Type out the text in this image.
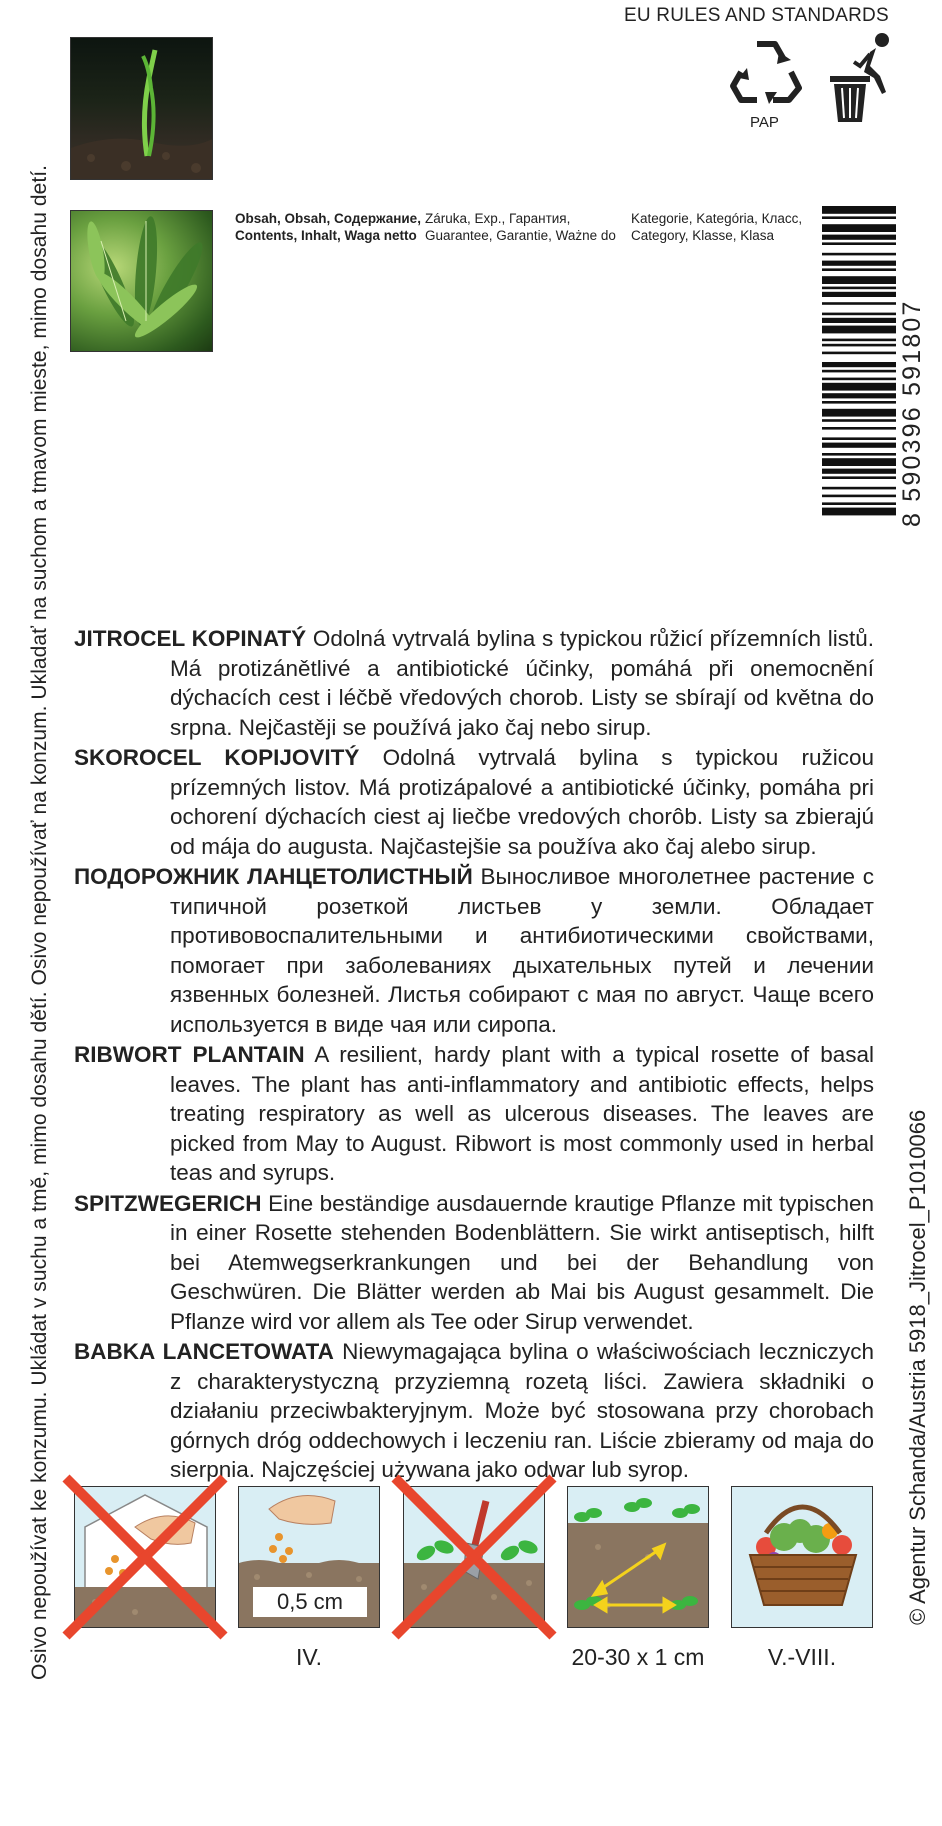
Osivo nepoužívat ke konzumu. Ukládat v suchu a tmě, mimo dosahu dětí. Osivo nepoužívať na konzum. Ukladať na suchom a tmavom mieste, mimo dosahu detí.	© Agentur Schanda/Austria 5918_Jitrocel_P1010066
EU RULES AND STANDARDS
PAP
Obsah, Obsah, Содержание,
Contents, Inhalt, Waga netto
Záruka, Exp., Гарантия,
Guarantee, Garantie, Ważne do
Kategorie, Kategória, Класс,
Category, Klasse, Klasa
8 590396 591807

JITROCEL KOPINATÝ Odolná vytrvalá bylina s typickou růžicí přízemních listů. Má protizánětlivé a antibiotické účinky, pomáhá při onemocnění dýchacích cest i léčbě vředových chorob. Listy se sbírají od května do srpna. Nejčastěji se používá jako čaj nebo sirup.

SKOROCEL KOPIJOVITÝ Odolná vytrvalá bylina s typickou ružicou prízemných listov. Má protizápalové a antibiotické účinky, pomáha pri ochorení dýchacích ciest aj liečbe vredových chorôb. Listy sa zbierajú od mája do augusta. Najčastejšie sa používa ako čaj alebo sirup.

ПОДОРОЖНИК ЛАНЦЕТОЛИСТНЫЙ Выносливое многолетнее растение с типичной розеткой листьев у земли. Обладает противовоспалительными и антибиотическими свойствами, помогает при заболеваниях дыхательных путей и лечении язвенных болезней. Листья собирают с мая по август. Чаще всего используется в виде чая или сиропа.

RIBWORT PLANTAIN A resilient, hardy plant with a typical rosette of basal leaves. The plant has anti-inflammatory and antibiotic effects, helps treating respiratory as well as ulcerous diseases. The leaves are picked from May to August. Ribwort is most commonly used in herbal teas and syrups.

SPITZWEGERICH Eine beständige ausdauernde krautige Pflanze mit typischen in einer Rosette stehenden Bodenblättern. Sie wirkt antiseptisch, hilft bei Atemwegserkrankungen und bei der Behandlung von Geschwüren. Die Blätter werden ab Mai bis August gesammelt. Die Pflanze wird vor allem als Tee oder Sirup verwendet.

BABKA LANCETOWATA Niewymagająca bylina o właściwościach leczniczych z charakterystyczną przyziemną rozetą liści. Zawiera składniki o działaniu przeciwbakteryjnym. Może być stosowana przy chorobach górnych dróg oddechowych i leczeniu ran. Liście zbieramy od maja do sierpnia. Najczęściej używana jako odwar lub syrop.

0,5 cm
IV.	20-30 x 1 cm	V.-VIII.
